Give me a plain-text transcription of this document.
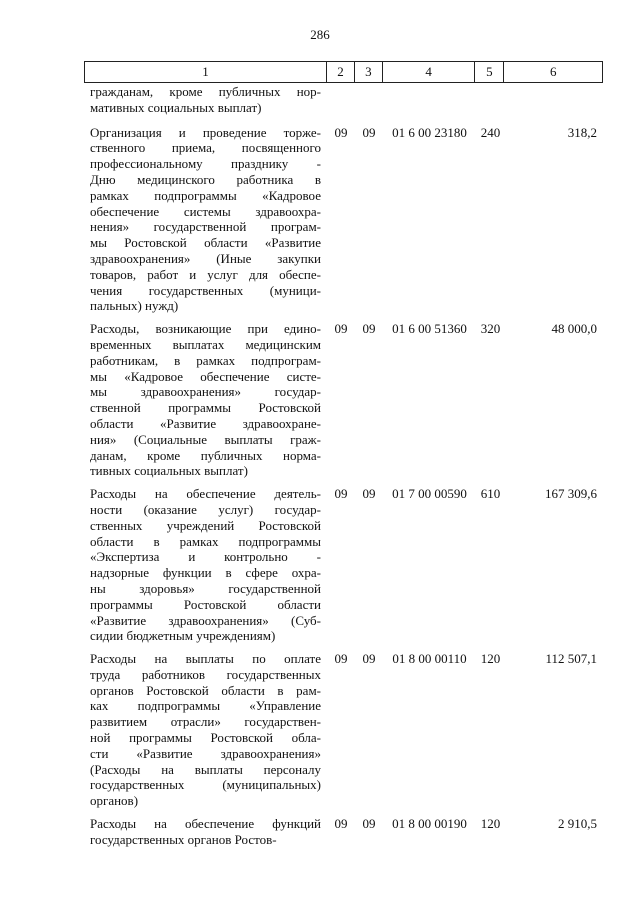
286
1	2	3	4	5	6
гражданам, кроме публичных нор-
мативных социальных выплат)
Организация и проведение торже-
ственного приема, посвященного
профессиональному празднику -
Дню медицинского работника в
рамках подпрограммы «Кадровое
обеспечение системы здравоохра-
нения» государственной програм-
мы Ростовской области «Развитие
здравоохранения» (Иные закупки
товаров, работ и услуг для обеспе-
чения государственных (муници-
пальных) нужд)
09	09	01 6 00 23180	240	318,2
Расходы, возникающие при едино-
временных выплатах медицинским
работникам, в рамках подпрограм-
мы «Кадровое обеспечение систе-
мы здравоохранения» государ-
ственной программы Ростовской
области «Развитие здравоохране-
ния» (Социальные выплаты граж-
данам, кроме публичных норма-
тивных социальных выплат)
09	09	01 6 00 51360	320	48 000,0
Расходы на обеспечение деятель-
ности (оказание услуг) государ-
ственных учреждений Ростовской
области в рамках подпрограммы
«Экспертиза и контрольно -
надзорные функции в сфере охра-
ны здоровья» государственной
программы Ростовской области
«Развитие здравоохранения» (Суб-
сидии бюджетным учреждениям)
09	09	01 7 00 00590	610	167 309,6
Расходы на выплаты по оплате
труда работников государственных
органов Ростовской области в рам-
ках подпрограммы «Управление
развитием отрасли» государствен-
ной программы Ростовской обла-
сти «Развитие здравоохранения»
(Расходы на выплаты персоналу
государственных (муниципальных)
органов)
09	09	01 8 00 00110	120	112 507,1
Расходы на обеспечение функций
государственных органов Ростов-
09	09	01 8 00 00190	120	2 910,5
